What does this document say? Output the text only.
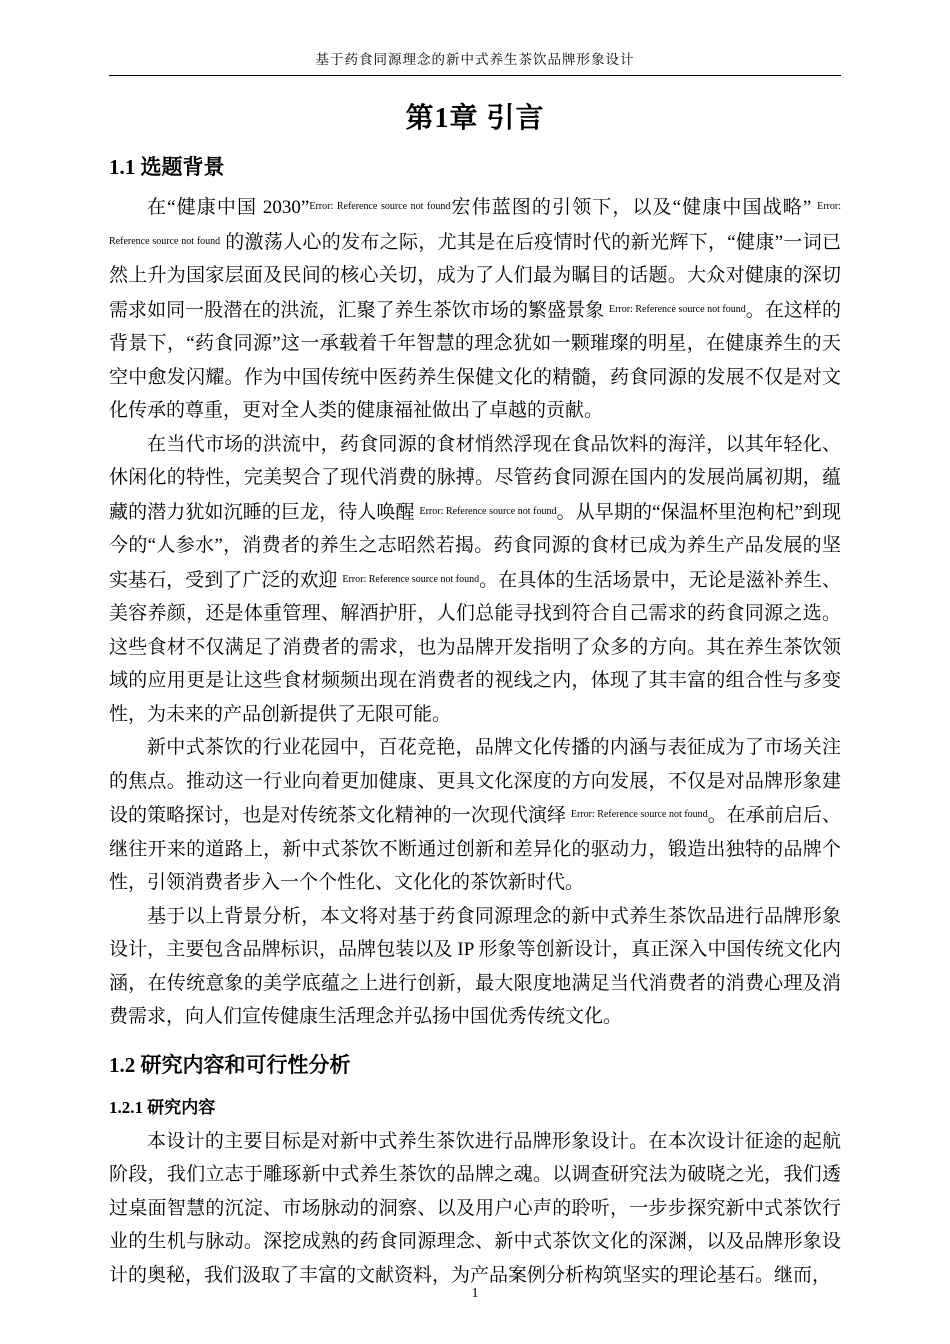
基于药食同源理念的新中式养生茶饮品牌形象设计
第1章 引言
1.1 选题背景

在“健康中国 2030”$^{Error: Reference source not found}$宏伟蓝图的引领下，以及“健康中国战略” $^{Error: Reference source not found}$ 的激荡人心的发布之际，尤其是在后疫情时代的新光辉下，“健康”一词已然上升为国家层面及民间的核心关切，成为了人们最为瞩目的话题。大众对健康的深切需求如同一股潜在的洪流，汇聚了养生茶饮市场的繁盛景象 $^{Error: Reference source not found}$。在这样的背景下，“药食同源”这一承载着千年智慧的理念犹如一颗璀璨的明星，在健康养生的天空中愈发闪耀。作为中国传统中医药养生保健文化的精髓，药食同源的发展不仅是对文化传承的尊重，更对全人类的健康福祉做出了卓越的贡献。

在当代市场的洪流中，药食同源的食材悄然浮现在食品饮料的海洋，以其年轻化、休闲化的特性，完美契合了现代消费的脉搏。尽管药食同源在国内的发展尚属初期，蕴藏的潜力犹如沉睡的巨龙，待人唤醒 $^{Error: Reference source not found}$。从早期的“保温杯里泡枸杞”到现今的“人参水”，消费者的养生之志昭然若揭。药食同源的食材已成为养生产品发展的坚实基石，受到了广泛的欢迎 $^{Error: Reference source not found}$。在具体的生活场景中，无论是滋补养生、美容养颜，还是体重管理、解酒护肝，人们总能寻找到符合自己需求的药食同源之选。这些食材不仅满足了消费者的需求，也为品牌开发指明了众多的方向。其在养生茶饮领域的应用更是让这些食材频频出现在消费者的视线之内，体现了其丰富的组合性与多变性，为未来的产品创新提供了无限可能。

新中式茶饮的行业花园中，百花竞艳，品牌文化传播的内涵与表征成为了市场关注的焦点。推动这一行业向着更加健康、更具文化深度的方向发展，不仅是对品牌形象建设的策略探讨，也是对传统茶文化精神的一次现代演绎 $^{Error: Reference source not found}$。在承前启后、继往开来的道路上，新中式茶饮不断通过创新和差异化的驱动力，锻造出独特的品牌个性，引领消费者步入一个个性化、文化化的茶饮新时代。

基于以上背景分析，本文将对基于药食同源理念的新中式养生茶饮品进行品牌形象设计，主要包含品牌标识，品牌包装以及 IP 形象等创新设计，真正深入中国传统文化内涵，在传统意象的美学底蕴之上进行创新，最大限度地满足当代消费者的消费心理及消费需求，向人们宣传健康生活理念并弘扬中国优秀传统文化。

1.2 研究内容和可行性分析
1.2.1 研究内容

本设计的主要目标是对新中式养生茶饮进行品牌形象设计。在本次设计征途的起航阶段，我们立志于雕琢新中式养生茶饮的品牌之魂。以调查研究法为破晓之光，我们透过桌面智慧的沉淀、市场脉动的洞察、以及用户心声的聆听，一步步探究新中式茶饮行业的生机与脉动。深挖成熟的药食同源理念、新中式茶饮文化的深渊，以及品牌形象设计的奥秘，我们汲取了丰富的文献资料，为产品案例分析构筑坚实的理论基石。继而，

1
